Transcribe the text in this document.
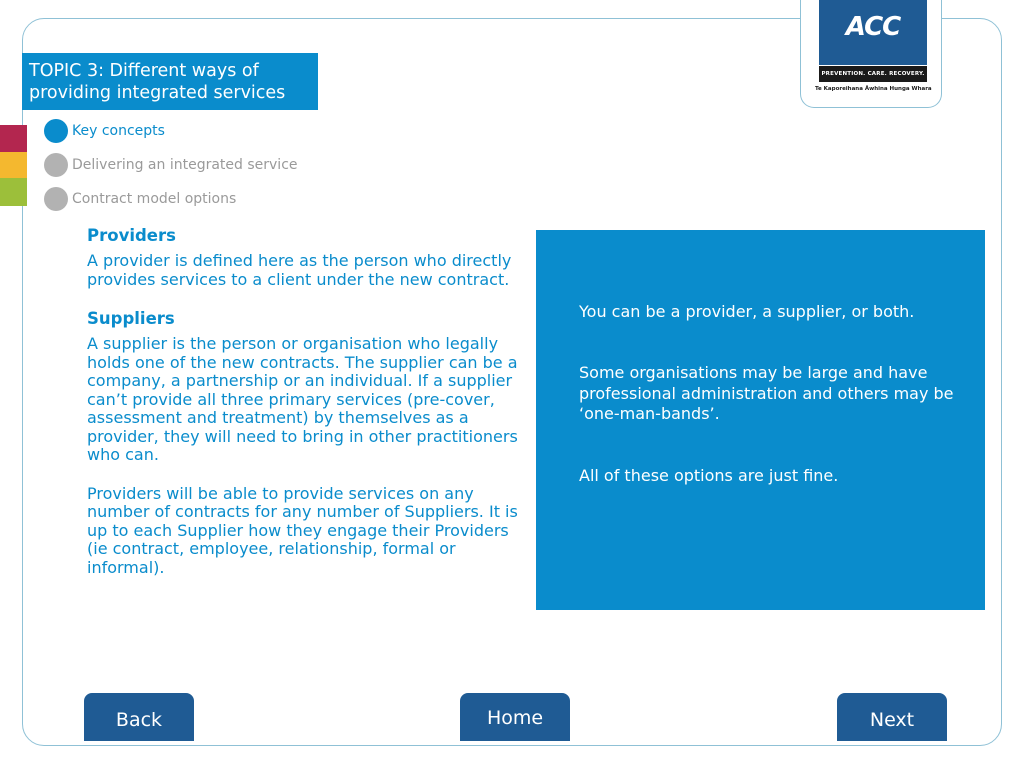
ACC
PREVENTION. CARE. RECOVERY.
Te Kaporeihana Āwhina Hunga Whara
TOPIC 3: Different ways of
providing integrated services
Key concepts
Delivering an integrated service
Contract model options
Providers

A provider is defined here as the person who directly provides services to a client under the new contract.

Suppliers

A supplier is the person or organisation who legally holds one of the new contracts. The supplier can be a company, a partnership or an individual. If a supplier can’t provide all three primary services (pre-cover, assessment and treatment) by themselves as a provider, they will need to bring in other practitioners who can.

Providers will be able to provide services on any number of contracts for any number of Suppliers. It is up to each Supplier how they engage their Providers (ie contract, employee, relationship, formal or informal).

You can be a provider, a supplier, or both.

Some organisations may be large and have professional administration and others may be ‘one-man-bands’.

All of these options are just fine.

Back	Home	Next
